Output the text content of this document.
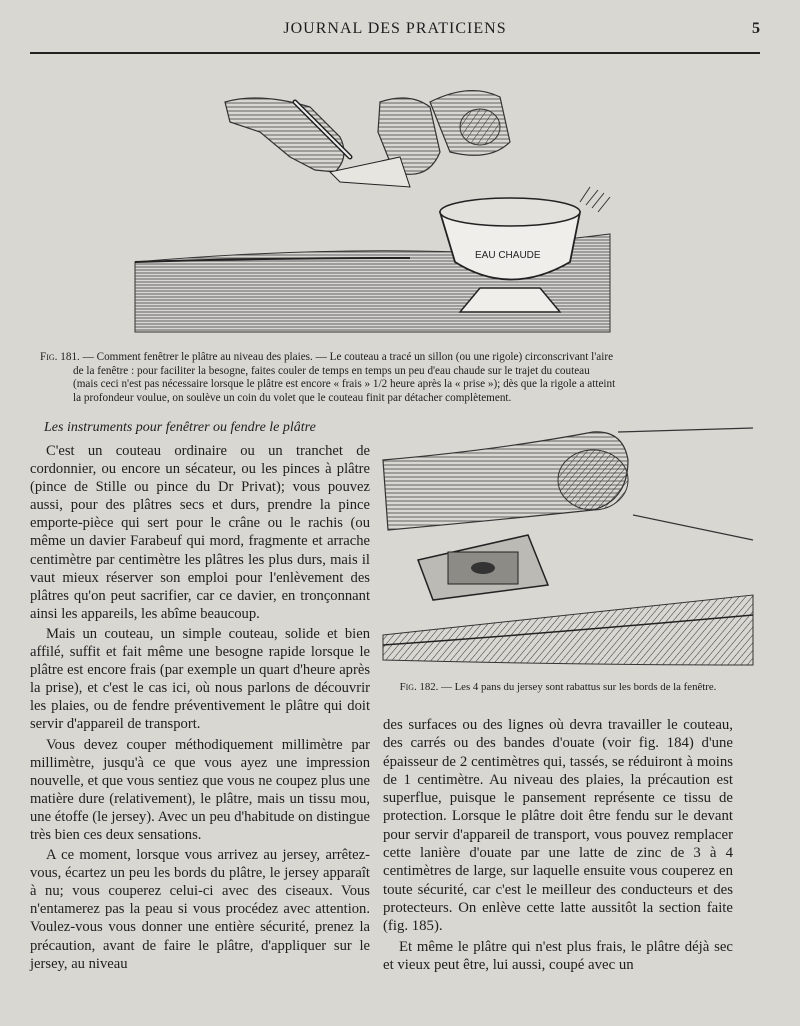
JOURNAL DES PRATICIENS	5
EAU CHAUDE
Fig. 181. — Comment fenêtrer le plâtre au niveau des plaies. — Le couteau a tracé un sillon (ou une rigole) circonscrivant l'aire
de la fenêtre : pour faciliter la besogne, faites couler de temps en temps un peu d'eau chaude sur le trajet du couteau
(mais ceci n'est pas nécessaire lorsque le plâtre est encore « frais » 1/2 heure après la « prise »); dès que la rigole a atteint
la profondeur voulue, on soulève un coin du volet que le couteau finit par détacher complètement.
Fig. 182. — Les 4 pans du jersey sont rabattus sur les bords de la fenêtre.

Les instruments pour fenêtrer ou fendre le plâtre

C'est un couteau ordinaire ou un tranchet de cordonnier, ou encore un sécateur, ou les pinces à plâtre (pince de Stille ou pince du Dr Privat); vous pouvez aussi, pour des plâtres secs et durs, prendre la pince emporte-pièce qui sert pour le crâne ou le rachis (ou même un davier Farabeuf qui mord, fragmente et arrache centimètre par centimètre les plâtres les plus durs, mais il vaut mieux réserver son emploi pour l'enlèvement des plâtres qu'on peut sacrifier, car ce davier, en tronçonnant ainsi les appareils, les abîme beaucoup.

Mais un couteau, un simple couteau, solide et bien affilé, suffit et fait même une besogne rapide lorsque le plâtre est encore frais (par exemple un quart d'heure après la prise), et c'est le cas ici, où nous parlons de découvrir les plaies, ou de fendre préventivement le plâtre qui doit servir d'appareil de transport.

Vous devez couper méthodiquement millimètre par millimètre, jusqu'à ce que vous ayez une impression nouvelle, et que vous sentiez que vous ne coupez plus une matière dure (relativement), le plâtre, mais un tissu mou, une étoffe (le jersey). Avec un peu d'habitude on distingue très bien ces deux sensations.

A ce moment, lorsque vous arrivez au jersey, arrêtez-vous, écartez un peu les bords du plâtre, le jersey apparaît à nu; vous couperez celui-ci avec des ciseaux. Vous n'entamerez pas la peau si vous procédez avec attention. Voulez-vous vous donner une entière sécurité, prenez la précaution, avant de faire le plâtre, d'appliquer sur le jersey, au niveau

des surfaces ou des lignes où devra travailler le couteau, des carrés ou des bandes d'ouate (voir fig. 184) d'une épaisseur de 2 centimètres qui, tassés, se réduiront à moins de 1 centimètre. Au niveau des plaies, la précaution est superflue, puisque le pansement représente ce tissu de protection. Lorsque le plâtre doit être fendu sur le devant pour servir d'appareil de transport, vous pouvez remplacer cette lanière d'ouate par une latte de zinc de 3 à 4 centimètres de large, sur laquelle ensuite vous couperez en toute sécurité, car c'est le meilleur des conducteurs et des protecteurs. On enlève cette latte aussitôt la section faite (fig. 185).

Et même le plâtre qui n'est plus frais, le plâtre déjà sec et vieux peut être, lui aussi, coupé avec un
